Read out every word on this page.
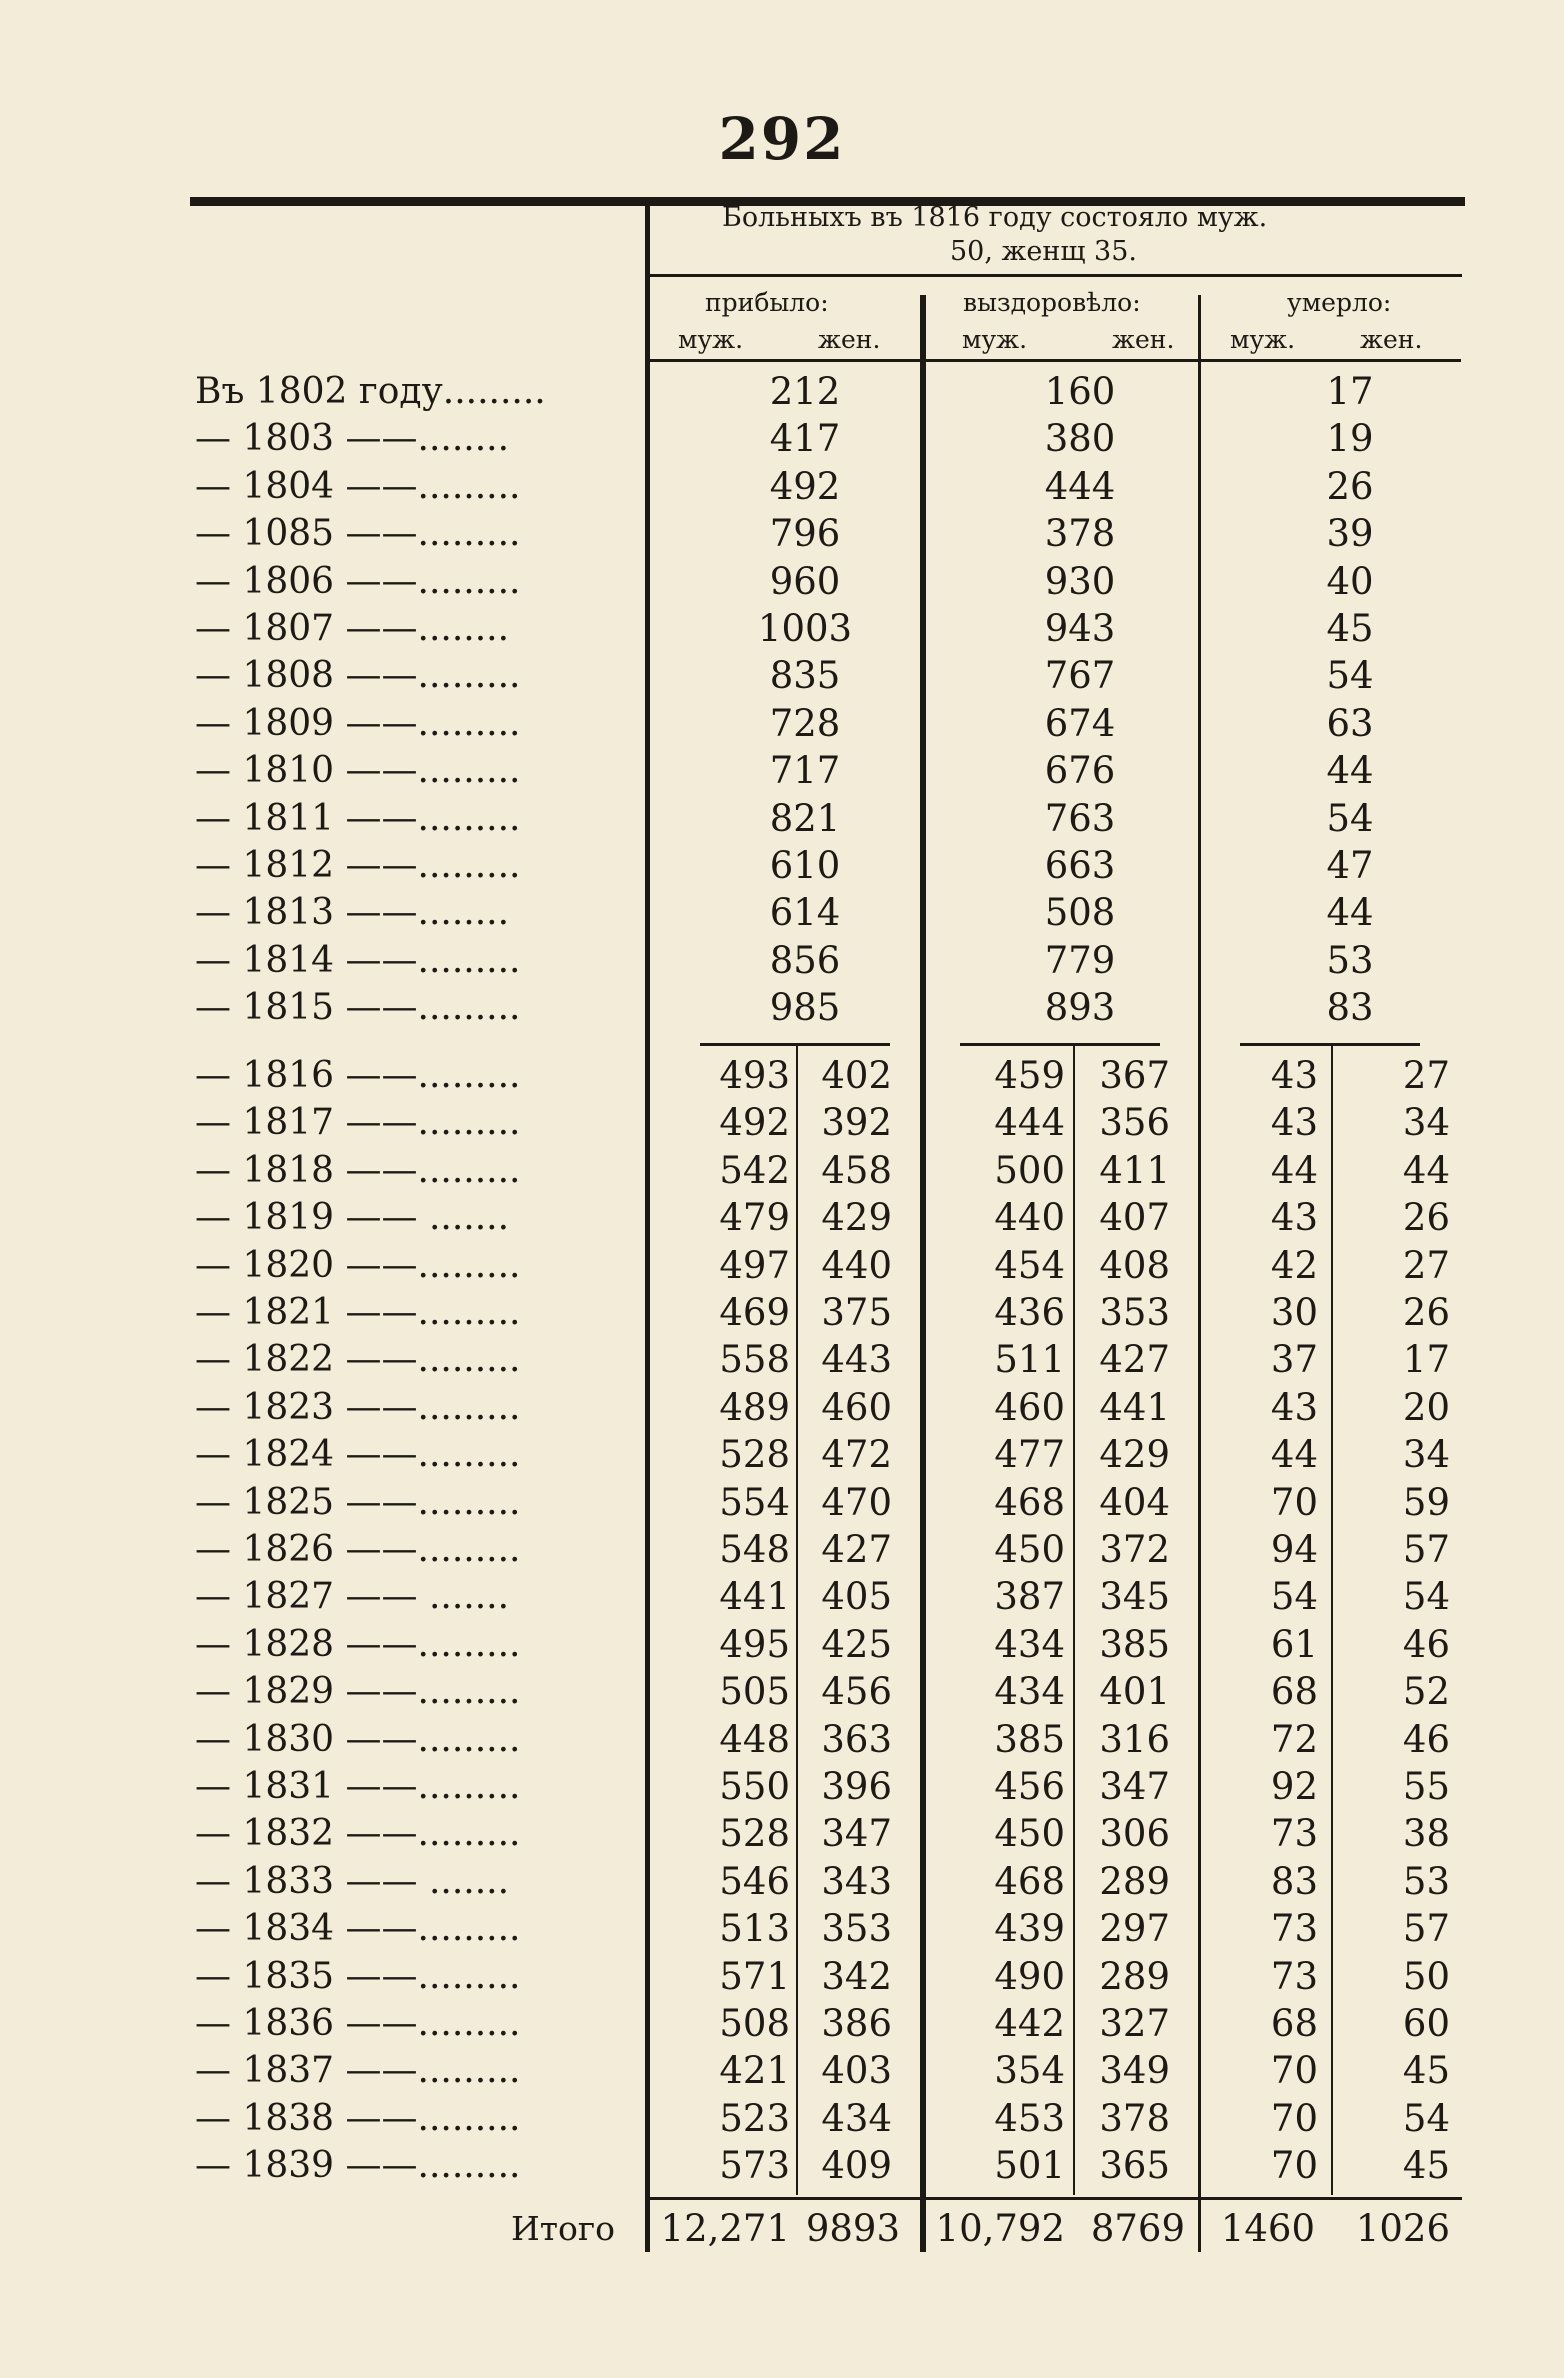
292
Больныхъ въ 1816 году состояло муж.
50, женщ 35.
прибыло:	выздоровѣло:	умерло:
муж.	жен.	муж.	жен. муж.	жен.
Въ 1802 году.........	212	160	17
— 1803 ——........	417	380	19
— 1804 ——.........	492	444	26
— 1085 ——.........	796	378	39
— 1806 ——.........	960	930	40
— 1807 ——........	1003	943	45
— 1808 ——.........	835	767	54
— 1809 ——.........	728	674	63
— 1810 ——.........	717	676	44
— 1811 ——.........	821	763	54
— 1812 ——.........	610	663	47
— 1813 ——........	614	508	44
— 1814 ——.........	856	779	53
— 1815 ——.........	985	893	83
— 1816 ——.........	493 402	459 367	43	27
— 1817 ——.........	492 392	444 356	43	34
— 1818 ——.........	542 458	500 411	44	44
— 1819 —— .......	479 429	440 407	43	26
— 1820 ——.........	497 440	454 408	42	27
— 1821 ——.........	469 375	436 353	30	26
— 1822 ——.........	558 443	511 427	37	17
— 1823 ——.........	489 460	460 441	43	20
— 1824 ——.........	528 472	477 429	44	34
— 1825 ——.........	554 470	468 404	70	59
— 1826 ——.........	548 427	450 372	94	57
— 1827 —— .......	441 405	387 345	54	54
— 1828 ——.........	495 425	434 385	61	46
— 1829 ——.........	505 456	434 401	68	52
— 1830 ——.........	448 363	385 316	72	46
— 1831 ——.........	550 396	456 347	92	55
— 1832 ——.........	528 347	450 306	73	38
— 1833 —— .......	546 343	468 289	83	53
— 1834 ——.........	513 353	439 297	73	57
— 1835 ——.........	571 342	490 289	73	50
— 1836 ——.........	508 386	442 327	68	60
— 1837 ——.........	421 403	354 349	70	45
— 1838 ——.........	523 434	453 378	70	54
— 1839 ——.........	573 409	501 365	70	45
Итого	12,271 9893 10,792 8769 1460	1026
